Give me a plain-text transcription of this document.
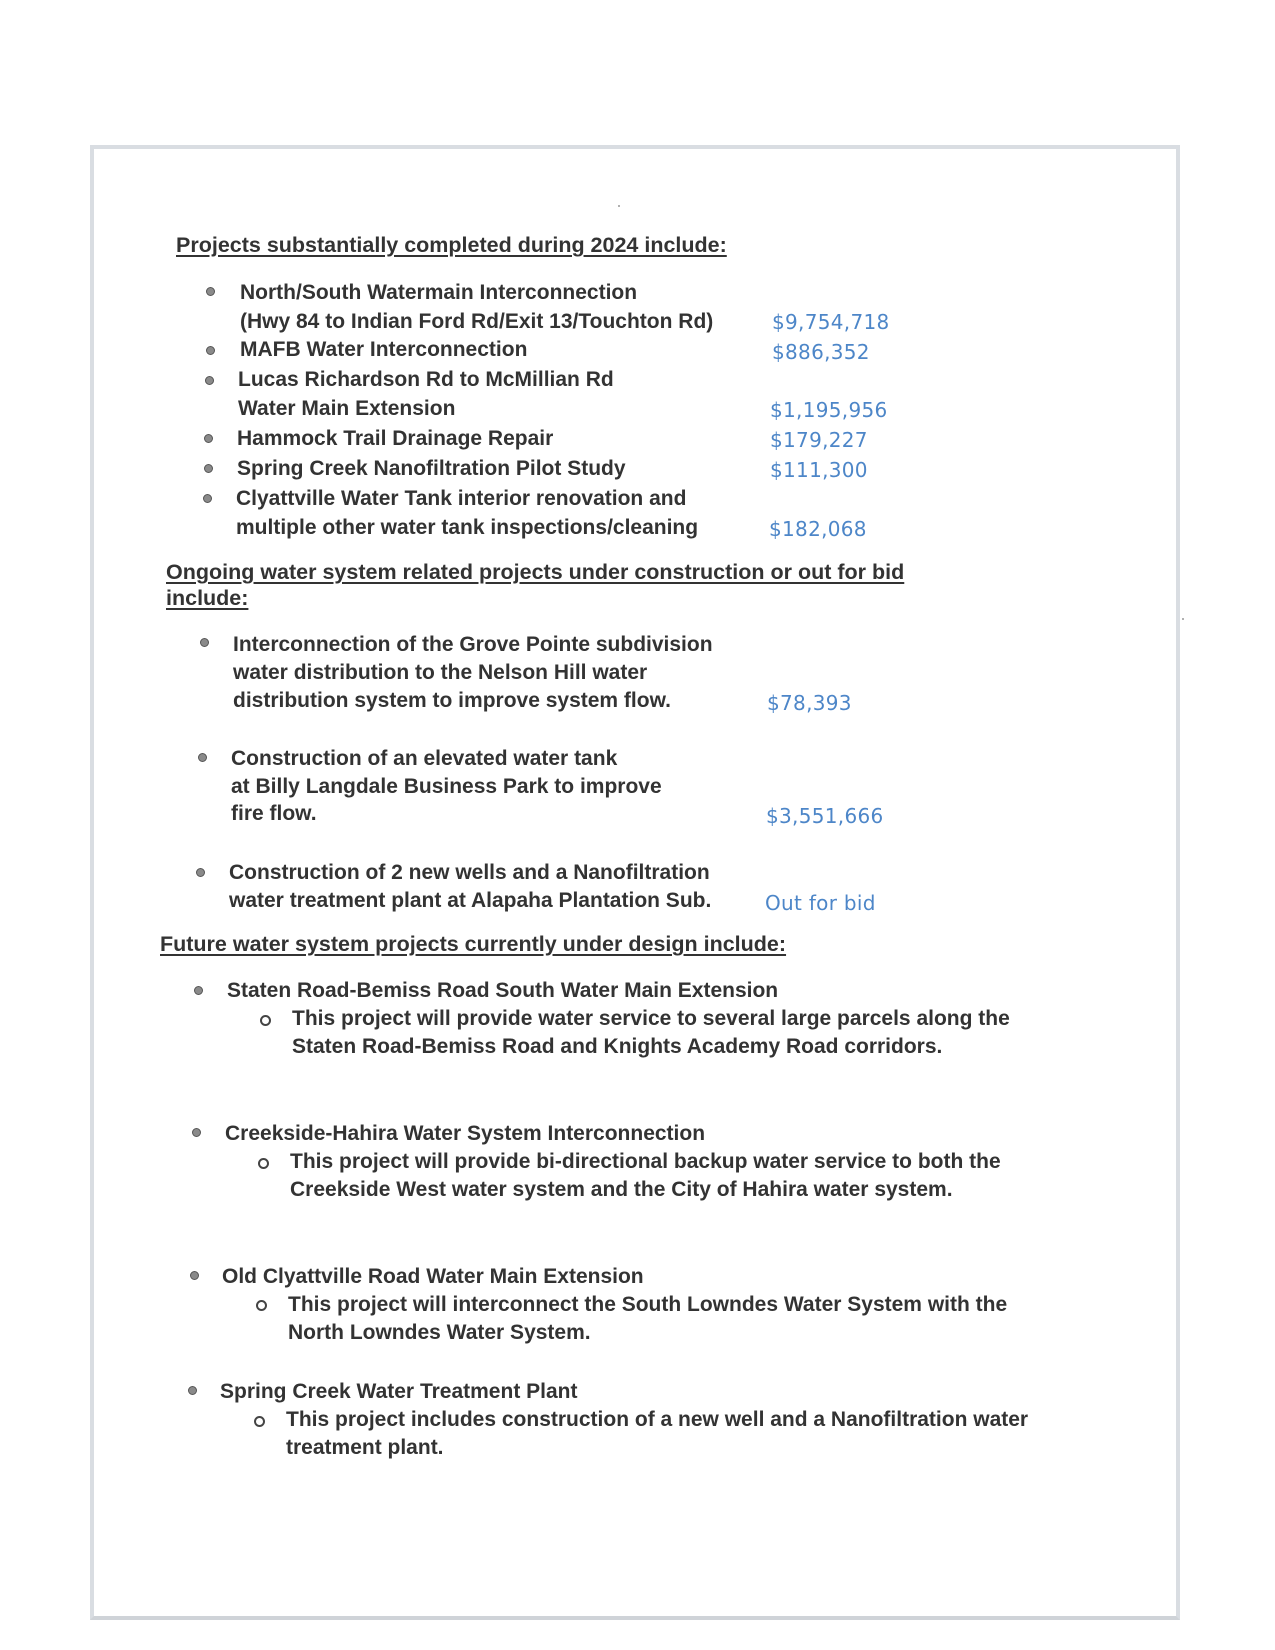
Projects substantially completed during 2024 include:
North/South Watermain Interconnection
(Hwy 84 to Indian Ford Rd/Exit 13/Touchton Rd)	$9,754,718
MAFB Water Interconnection	$886,352
Lucas Richardson Rd to McMillian Rd
Water Main Extension	$1,195,956
Hammock Trail Drainage Repair	$179,227
Spring Creek Nanofiltration Pilot Study	$111,300
Clyattville Water Tank interior renovation and
multiple other water tank inspections/cleaning	$182,068
Ongoing water system related projects under construction or out for bid
include:
Interconnection of the Grove Pointe subdivision
water distribution to the Nelson Hill water
distribution system to improve system flow.	$78,393
Construction of an elevated water tank
at Billy Langdale Business Park to improve
fire flow.	$3,551,666
Construction of 2 new wells and a Nanofiltration
water treatment plant at Alapaha Plantation Sub.	Out for bid
Future water system projects currently under design include:
Staten Road-Bemiss Road South Water Main Extension
This project will provide water service to several large parcels along the Staten Road-Bemiss Road and Knights Academy Road corridors.
Creekside-Hahira Water System Interconnection
This project will provide bi-directional backup water service to both the Creekside West water system and the City of Hahira water system.
Old Clyattville Road Water Main Extension
This project will interconnect the South Lowndes Water System with the North Lowndes Water System.
Spring Creek Water Treatment Plant
This project includes construction of a new well and a Nanofiltration water treatment plant.
